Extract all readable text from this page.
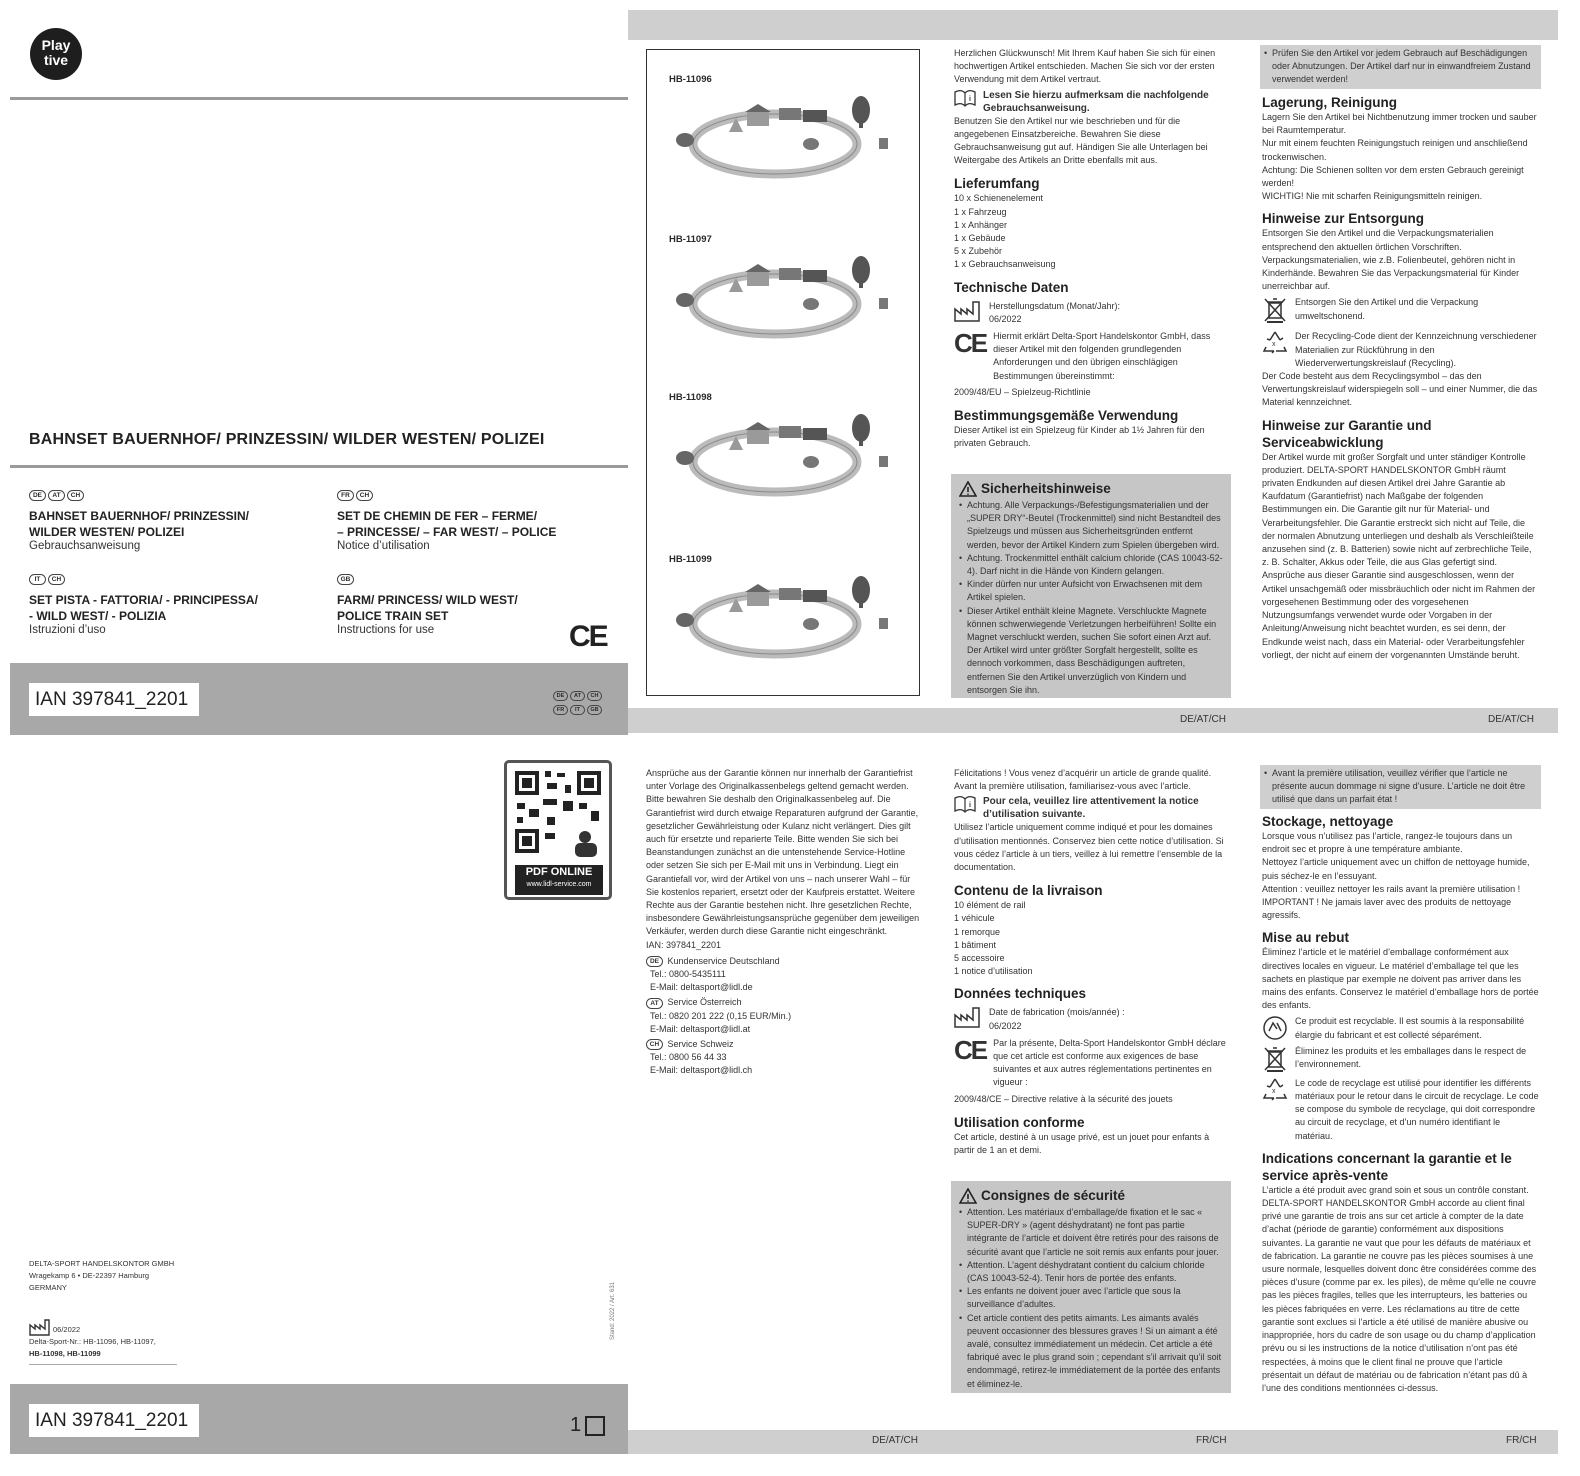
Play
tive
BAHNSET BAUERNHOF/ PRINZESSIN/ WILDER WESTEN/ POLIZEI
DE AT CH
BAHNSET BAUERNHOF/ PRINZESSIN/
WILDER WESTEN/ POLIZEI
Gebrauchsanweisung
FR CH
SET DE CHEMIN DE FER – FERME/
– PRINCESSE/ – FAR WEST/ – POLICE
Notice d’utilisation
IT CH
SET PISTA - FATTORIA/ - PRINCIPESSA/
- WILD WEST/ - POLIZIA
Istruzioni d’uso
GB
FARM/ PRINCESS/ WILD WEST/
POLICE TRAIN SET
Instructions for use	CE
IAN 397841_2201	DE AT CH
FR IT GB
PDF ONLINE
www.lidl-service.com
DELTA-SPORT HANDELSKONTOR GMBH
Wragekamp 6 • DE-22397 Hamburg
GERMANY
06/2022
Delta-Sport-Nr.: HB-11096, HB-11097,
HB-11098, HB-11099
Stand: 2022 / Art. 631
IAN 397841_2201	1
DE/AT/CH	DE/AT/CH
DE/AT/CH	FR/CH	FR/CH
HB-11096
HB-11097
HB-11098
HB-11099
Herzlichen Glückwunsch! Mit Ihrem Kauf haben Sie sich für einen hochwertigen Artikel entschieden. Machen Sie sich vor der ersten Verwendung mit dem Artikel vertraut.
i Lesen Sie hierzu aufmerksam die nachfolgende Gebrauchsanweisung.
Benutzen Sie den Artikel nur wie beschrieben und für die angegebenen Einsatzbereiche. Bewahren Sie diese Gebrauchsanweisung gut auf. Händigen Sie alle Unterlagen bei Weitergabe des Artikels an Dritte ebenfalls mit aus.
Lieferumfang
10 x Schienenelement
1 x Fahrzeug
1 x Anhänger
1 x Gebäude
5 x Zubehör
1 x Gebrauchsanweisung
Technische Daten
Herstellungsdatum (Monat/Jahr):
06/2022
CE Hiermit erklärt Delta-Sport Handelskontor GmbH, dass dieser Artikel mit den folgenden grundlegenden Anforderungen und den übrigen einschlägigen Bestimmungen übereinstimmt:
2009/48/EU – Spielzeug-Richtlinie
Bestimmungsgemäße Verwendung
Dieser Artikel ist ein Spielzeug für Kinder ab 1½ Jahren für den privaten Gebrauch.
Sicherheitshinweise
• Achtung. Alle Verpackungs-/Befestigungsmaterialien und der „SUPER DRY“-Beutel (Trockenmittel) sind nicht Bestandteil des Spielzeugs und müssen aus Sicherheitsgründen entfernt werden, bevor der Artikel Kindern zum Spielen übergeben wird.
• Achtung. Trockenmittel enthält calcium chloride (CAS 10043-52-4). Darf nicht in die Hände von Kindern gelangen.
• Kinder dürfen nur unter Aufsicht von Erwachsenen mit dem Artikel spielen.
• Dieser Artikel enthält kleine Magnete. Verschluckte Magnete können schwerwiegende Verletzungen herbeiführen! Sollte ein Magnet verschluckt werden, suchen Sie sofort einen Arzt auf. Der Artikel wird unter größter Sorgfalt hergestellt, sollte es dennoch vorkommen, dass Beschädigungen auftreten, entfernen Sie den Artikel unverzüglich von Kindern und entsorgen Sie ihn.
• Prüfen Sie den Artikel vor jedem Gebrauch auf Beschädigungen oder Abnutzungen. Der Artikel darf nur in einwandfreiem Zustand verwendet werden!
Lagerung, Reinigung
Lagern Sie den Artikel bei Nichtbenutzung immer trocken und sauber bei Raumtemperatur.
Nur mit einem feuchten Reinigungstuch reinigen und anschließend trockenwischen.
Achtung: Die Schienen sollten vor dem ersten Gebrauch gereinigt werden!
WICHTIG! Nie mit scharfen Reinigungsmitteln reinigen.
Hinweise zur Entsorgung
Entsorgen Sie den Artikel und die Verpackungsmaterialien entsprechend den aktuellen örtlichen Vorschriften. Verpackungsmaterialien, wie z.B. Folienbeutel, gehören nicht in Kinderhände. Bewahren Sie das Verpackungsmaterial für Kinder unerreichbar auf.
Entsorgen Sie den Artikel und die Verpackung umweltschonend.
x
Der Recycling-Code dient der Kennzeichnung verschiedener Materialien zur Rückführung in den Wiederverwertungskreislauf (Recycling).
Der Code besteht aus dem Recyclingsymbol – das den Verwertungskreislauf widerspiegeln soll – und einer Nummer, die das Material kennzeichnet.
Hinweise zur Garantie und Serviceabwicklung
Der Artikel wurde mit großer Sorgfalt und unter ständiger Kontrolle produziert. DELTA-SPORT HANDELSKONTOR GmbH räumt privaten Endkunden auf diesen Artikel drei Jahre Garantie ab Kaufdatum (Garantiefrist) nach Maßgabe der folgenden Bestimmungen ein. Die Garantie gilt nur für Material- und Verarbeitungsfehler. Die Garantie erstreckt sich nicht auf Teile, die der normalen Abnutzung unterliegen und deshalb als Verschleißteile anzusehen sind (z. B. Batterien) sowie nicht auf zerbrechliche Teile, z. B. Schalter, Akkus oder Teile, die aus Glas gefertigt sind. Ansprüche aus dieser Garantie sind ausgeschlossen, wenn der Artikel unsachgemäß oder missbräuchlich oder nicht im Rahmen der vorgesehenen Bestimmung oder des vorgesehenen Nutzungsumfangs verwendet wurde oder Vorgaben in der Anleitung/Anweisung nicht beachtet wurden, es sei denn, der Endkunde weist nach, dass ein Material- oder Verarbeitungsfehler vorliegt, der nicht auf einem der vorgenannten Umstände beruht.
Ansprüche aus der Garantie können nur innerhalb der Garantiefrist unter Vorlage des Originalkassenbelegs geltend gemacht werden. Bitte bewahren Sie deshalb den Originalkassenbeleg auf. Die Garantiefrist wird durch etwaige Reparaturen aufgrund der Garantie, gesetzlicher Gewährleistung oder Kulanz nicht verlängert. Dies gilt auch für ersetzte und reparierte Teile. Bitte wenden Sie sich bei Beanstandungen zunächst an die untenstehende Service-Hotline oder setzen Sie sich per E-Mail mit uns in Verbindung. Liegt ein Garantiefall vor, wird der Artikel von uns – nach unserer Wahl – für Sie kostenlos repariert, ersetzt oder der Kaufpreis erstattet. Weitere Rechte aus der Garantie bestehen nicht. Ihre gesetzlichen Rechte, insbesondere Gewährleistungsansprüche gegenüber dem jeweiligen Verkäufer, werden durch diese Garantie nicht eingeschränkt.
IAN: 397841_2201
DE Kundenservice Deutschland
Tel.: 0800-5435111
E-Mail: deltasport@lidl.de
AT Service Österreich
Tel.: 0820 201 222 (0,15 EUR/Min.)
E-Mail: deltasport@lidl.at
CH Service Schweiz
Tel.: 0800 56 44 33
E-Mail: deltasport@lidl.ch
Félicitations ! Vous venez d’acquérir un article de grande qualité. Avant la première utilisation, familiarisez-vous avec l’article.
i Pour cela, veuillez lire attentivement la notice d’utilisation suivante.
Utilisez l’article uniquement comme indiqué et pour les domaines d’utilisation mentionnés. Conservez bien cette notice d’utilisation. Si vous cédez l’article à un tiers, veillez à lui remettre l’ensemble de la documentation.
Contenu de la livraison
10 élément de rail
1 véhicule
1 remorque
1 bâtiment
5 accessoire
1 notice d’utilisation
Données techniques
Date de fabrication (mois/année) :
06/2022
CE Par la présente, Delta-Sport Handelskontor GmbH déclare que cet article est conforme aux exigences de base suivantes et aux autres réglementations pertinentes en vigueur :
2009/48/CE – Directive relative à la sécurité des jouets
Utilisation conforme
Cet article, destiné à un usage privé, est un jouet pour enfants à partir de 1 an et demi.
Consignes de sécurité
• Attention. Les matériaux d’emballage/de fixation et le sac « SUPER-DRY » (agent déshydratant) ne font pas partie intégrante de l’article et doivent être retirés pour des raisons de sécurité avant que l’article ne soit remis aux enfants pour jouer.
• Attention. L’agent déshydratant contient du calcium chloride (CAS 10043-52-4). Tenir hors de portée des enfants.
• Les enfants ne doivent jouer avec l’article que sous la surveillance d’adultes.
• Cet article contient des petits aimants. Les aimants avalés peuvent occasionner des blessures graves ! Si un aimant a été avalé, consultez immédiatement un médecin. Cet article a été fabriqué avec le plus grand soin ; cependant s’il arrivait qu’il soit endommagé, retirez-le immédiatement de la portée des enfants et éliminez-le.
• Avant la première utilisation, veuillez vérifier que l’article ne présente aucun dommage ni signe d’usure. L’article ne doit être utilisé que dans un parfait état !
Stockage, nettoyage
Lorsque vous n’utilisez pas l’article, rangez-le toujours dans un endroit sec et propre à une température ambiante.
Nettoyez l’article uniquement avec un chiffon de nettoyage humide, puis séchez-le en l’essuyant.
Attention : veuillez nettoyer les rails avant la première utilisation !
IMPORTANT ! Ne jamais laver avec des produits de nettoyage agressifs.
Mise au rebut
Éliminez l’article et le matériel d’emballage conformément aux directives locales en vigueur. Le matériel d’emballage tel que les sachets en plastique par exemple ne doivent pas arriver dans les mains des enfants. Conservez le matériel d’emballage hors de portée des enfants.
Ce produit est recyclable. Il est soumis à la responsabilité élargie du fabricant et est collecté séparément.
Éliminez les produits et les emballages dans le respect de l’environnement.
x
Le code de recyclage est utilisé pour identifier les différents matériaux pour le retour dans le circuit de recyclage. Le code se compose du symbole de recyclage, qui doit correspondre au circuit de recyclage, et d’un numéro identifiant le matériau.
Indications concernant la garantie et le service après-vente
L’article a été produit avec grand soin et sous un contrôle constant. DELTA-SPORT HANDELSKONTOR GmbH accorde au client final privé une garantie de trois ans sur cet article à compter de la date d’achat (période de garantie) conformément aux dispositions suivantes. La garantie ne vaut que pour les défauts de matériaux et de fabrication. La garantie ne couvre pas les pièces soumises à une usure normale, lesquelles doivent donc être considérées comme des pièces d’usure (comme par ex. les piles), de même qu’elle ne couvre pas les pièces fragiles, telles que les interrupteurs, les batteries ou les pièces fabriquées en verre. Les réclamations au titre de cette garantie sont exclues si l’article a été utilisé de manière abusive ou inappropriée, hors du cadre de son usage ou du champ d’application prévu ou si les instructions de la notice d’utilisation n’ont pas été respectées, à moins que le client final ne prouve que l’article présentait un défaut de matériau ou de fabrication n’étant pas dû à l’une des conditions mentionnées ci-dessus.
